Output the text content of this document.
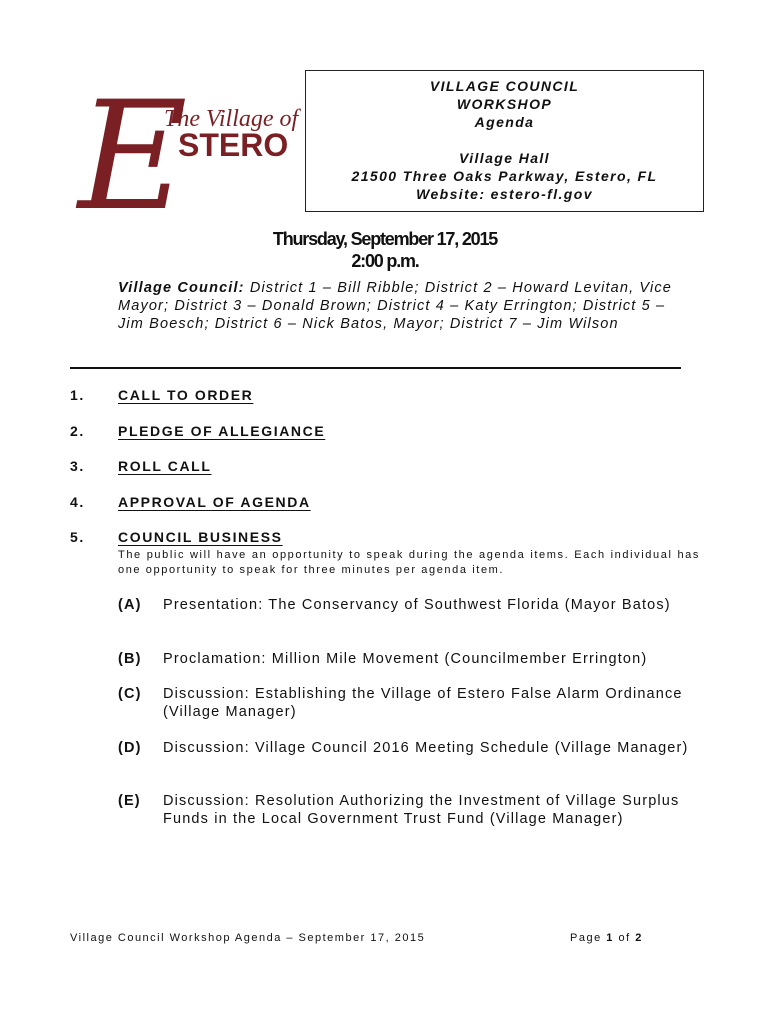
E
The Village of
STERO
VILLAGE COUNCIL
WORKSHOP
Agenda
Village Hall
21500 Three Oaks Parkway, Estero, FL
Website: estero-fl.gov
Thursday, September 17, 2015
2:00 p.m.
Village Council: District 1 – Bill Ribble; District 2 – Howard Levitan, Vice Mayor; District 3 – Donald Brown; District 4 – Katy Errington; District 5 – Jim Boesch; District 6 – Nick Batos, Mayor; District 7 – Jim Wilson
1.	CALL TO ORDER
2.	PLEDGE OF ALLEGIANCE
3.	ROLL CALL
4.	APPROVAL OF AGENDA
5.	COUNCIL BUSINESS
The public will have an opportunity to speak during the agenda items. Each individual has one opportunity to speak for three minutes per agenda item.
(A) Presentation: The Conservancy of Southwest Florida (Mayor Batos)
(B) Proclamation: Million Mile Movement (Councilmember Errington)
(C) Discussion: Establishing the Village of Estero False Alarm Ordinance (Village Manager)
(D) Discussion: Village Council 2016 Meeting Schedule (Village Manager)
(E) Discussion: Resolution Authorizing the Investment of Village Surplus Funds in the Local Government Trust Fund (Village Manager)
Village Council Workshop Agenda – September 17, 2015	Page 1 of 2
